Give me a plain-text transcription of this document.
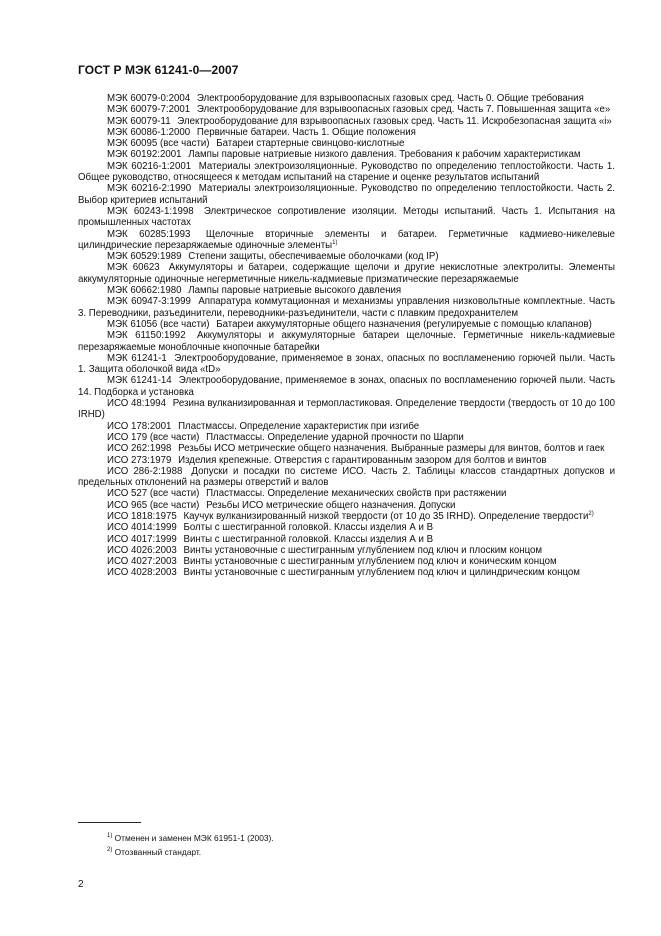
ГОСТ Р МЭК 61241-0—2007

МЭК 60079-0:2004 Электрооборудование для взрывоопасных газовых сред. Часть 0. Общие требования

МЭК 60079-7:2001 Электрооборудование для взрывоопасных газовых сред. Часть 7. Повышенная защита «е»

МЭК 60079-11 Электрооборудование для взрывоопасных газовых сред. Часть 11. Искробезопасная защита «i»

МЭК 60086-1:2000 Первичные батареи. Часть 1. Общие положения

МЭК 60095 (все части) Батареи стартерные свинцово-кислотные

МЭК 60192:2001 Лампы паровые натриевые низкого давления. Требования к рабочим характеристикам

МЭК 60216-1:2001 Материалы электроизоляционные. Руководство по определению теплостойкости. Часть 1. Общее руководство, относящееся к методам испытаний на старение и оценке результатов испытаний

МЭК 60216-2:1990 Материалы электроизоляционные. Руководство по определению теплостойкости. Часть 2. Выбор критериев испытаний

МЭК 60243-1:1998 Электрическое сопротивление изоляции. Методы испытаний. Часть 1. Испытания на промышленных частотах

МЭК 60285:1993 Щелочные вторичные элементы и батареи. Герметичные кадмиево-никелевые цилиндрические перезаряжаемые одиночные элементы$^{1)}$

МЭК 60529:1989 Степени защиты, обеспечиваемые оболочками (код IP)

МЭК 60623 Аккумуляторы и батареи, содержащие щелочи и другие некислотные электролиты. Элементы аккумуляторные одиночные негерметичные никель-кадмиевые призматические перезаряжаемые

МЭК 60662:1980 Лампы паровые натриевые высокого давления

МЭК 60947-3:1999 Аппаратура коммутационная и механизмы управления низковольтные комплектные. Часть 3. Переводники, разъединители, переводники-разъединители, части с плавким предохранителем

МЭК 61056 (все части) Батареи аккумуляторные общего назначения (регулируемые с помощью клапанов)

МЭК 61150:1992 Аккумуляторы и аккумуляторные батареи щелочные. Герметичные никель-кадмиевые перезаряжаемые моноблочные кнопочные батарейки

МЭК 61241-1 Электрооборудование, применяемое в зонах, опасных по воспламенению горючей пыли. Часть 1. Защита оболочкой вида «tD»

МЭК 61241-14 Электрооборудование, применяемое в зонах, опасных по воспламенению горючей пыли. Часть 14. Подборка и установка

ИСО 48:1994 Резина вулканизированная и термопластиковая. Определение твердости (твердость от 10 до 100 IRHD)

ИСО 178:2001 Пластмассы. Определение характеристик при изгибе

ИСО 179 (все части) Пластмассы. Определение ударной прочности по Шарпи

ИСО 262:1998 Резьбы ИСО метрические общего назначения. Выбранные размеры для винтов, болтов и гаек

ИСО 273:1979 Изделия крепежные. Отверстия с гарантированным зазором для болтов и винтов

ИСО 286-2:1988 Допуски и посадки по системе ИСО. Часть 2. Таблицы классов стандартных допусков и предельных отклонений на размеры отверстий и валов

ИСО 527 (все части) Пластмассы. Определение механических свойств при растяжении

ИСО 965 (все части) Резьбы ИСО метрические общего назначения. Допуски

ИСО 1818:1975 Каучук вулканизированный низкой твердости (от 10 до 35 IRHD). Определение твердости$^{2)}$

ИСО 4014:1999 Болты с шестигранной головкой. Классы изделия А и В

ИСО 4017:1999 Винты с шестигранной головкой. Классы изделия А и В

ИСО 4026:2003 Винты установочные с шестигранным углублением под ключ и плоским концом

ИСО 4027:2003 Винты установочные с шестигранным углублением под ключ и коническим концом

ИСО 4028:2003 Винты установочные с шестигранным углублением под ключ и цилиндрическим концом

$^{1)}$ Отменен и заменен МЭК 61951-1 (2003).

$^{2)}$ Отозванный стандарт.

2
